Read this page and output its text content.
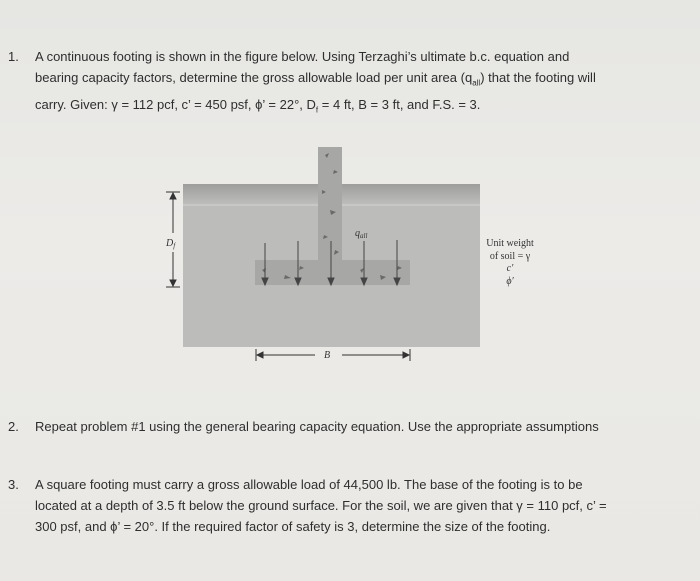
1.	A continuous footing is shown in the figure below. Using Terzaghi’s ultimate b.c. equation and
bearing capacity factors, determine the gross allowable load per unit area $(q_{all})$ that the footing will
carry. Given: γ = 112 pcf, c’ = 450 psf, ϕ’ = 22°, $D_f = 4$ ft, B = 3 ft, and F.S. = 3.
$q_{all}$
$D_f$
B
Unit weight
of soil = γ
c′
ϕ′
2.	Repeat problem #1 using the general bearing capacity equation. Use the appropriate assumptions
3.	A square footing must carry a gross allowable load of 44,500 lb. The base of the footing is to be
located at a depth of 3.5 ft below the ground surface. For the soil, we are given that γ = 110 pcf, c’ =
300 psf, and ϕ’ = 20°. If the required factor of safety is 3, determine the size of the footing.
